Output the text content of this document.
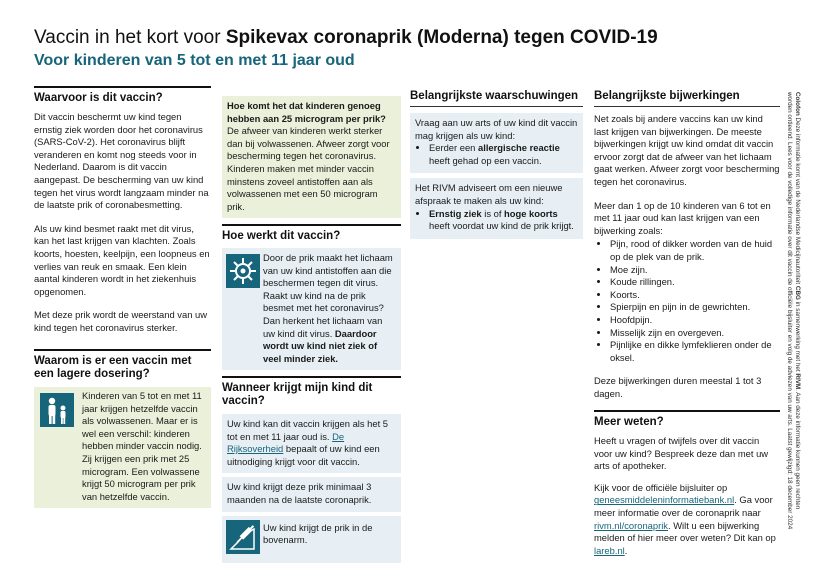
Vaccin in het kort voor Spikevax coronaprik (Moderna) tegen COVID-19
Voor kinderen van 5 tot en met 11 jaar oud
Waarvoor is dit vaccin?

Dit vaccin beschermt uw kind tegen ernstig ziek worden door het coronavirus (SARS-CoV-2). Het coronavirus blijft veranderen en komt nog steeds voor in Nederland. Daarom is dit vaccin aangepast. De bescherming van uw kind tegen het virus wordt langzaam minder na de laatste prik of coronabesmetting.

Als uw kind besmet raakt met dit virus, kan het last krijgen van klachten. Zoals koorts, hoesten, keelpijn, een loopneus en verlies van reuk en smaak. Een klein aantal kinderen wordt in het ziekenhuis opgenomen.

Met deze prik wordt de weerstand van uw kind tegen het coronavirus sterker.

Waarom is er een vaccin met een lagere dosering?
Kinderen van 5 tot en met 11 jaar krijgen hetzelfde vaccin als volwassenen. Maar er is wel een verschil: kinderen hebben minder vaccin nodig. Zij krijgen een prik met 25 microgram. Een volwassene krijgt 50 microgram per prik van hetzelfde vaccin.
Hoe komt het dat kinderen genoeg hebben aan 25 microgram per prik? De afweer van kinderen werkt sterker dan bij volwassenen. Afweer zorgt voor bescherming tegen het coronavirus. Kinderen maken met minder vaccin minstens zoveel antistoffen aan als volwassenen met een 50 microgram prik.
Hoe werkt dit vaccin?
Door de prik maakt het lichaam van uw kind antistoffen aan die beschermen tegen dit virus. Raakt uw kind na de prik besmet met het coronavirus? Dan herkent het lichaam van uw kind dit virus. Daardoor wordt uw kind niet ziek of veel minder ziek.
Wanneer krijgt mijn kind dit vaccin?
Uw kind kan dit vaccin krijgen als het 5 tot en met 11 jaar oud is. De Rijksoverheid bepaalt of uw kind een uitnodiging krijgt voor dit vaccin.
Uw kind krijgt deze prik minimaal 3 maanden na de laatste coronaprik.
Uw kind krijgt de prik in de bovenarm.
Belangrijkste waarschuwingen
Vraag aan uw arts of uw kind dit vaccin mag krijgen als uw kind:
• Eerder een allergische reactie heeft gehad op een vaccin.
Het RIVM adviseert om een nieuwe afspraak te maken als uw kind:
• Ernstig ziek is of hoge koorts heeft voordat uw kind de prik krijgt.
Belangrijkste bijwerkingen

Net zoals bij andere vaccins kan uw kind last krijgen van bijwerkingen. De meeste bijwerkingen krijgt uw kind omdat dit vaccin ervoor zorgt dat de afweer van het lichaam gaat werken. Afweer zorgt voor bescherming tegen het coronavirus.

Meer dan 1 op de 10 kinderen van 6 tot en met 11 jaar oud kan last krijgen van een bijwerking zoals:

• Pijn, rood of dikker worden van de huid op de plek van de prik.
• Moe zijn.
• Koude rillingen.
• Koorts.
• Spierpijn en pijn in de gewrichten.
• Hoofdpijn.
• Misselijk zijn en overgeven.
• Pijnlijke en dikke lymfeklieren onder de oksel.

Deze bijwerkingen duren meestal 1 tot 3 dagen.

Meer weten?

Heeft u vragen of twijfels over dit vaccin voor uw kind? Bespreek deze dan met uw arts of apotheker.

Kijk voor de officiële bijsluiter op geneesmiddeleninformatiebank.nl. Ga voor meer informatie over de coronaprik naar rivm.nl/coronaprik. Wilt u een bijwerking melden of hier meer over weten? Dit kan op lareb.nl.

Colofon Deze informatie komt van de Nederlandse Medicijnautoriteit CBG in samenwerking met het RIVM. Aan deze informatie kunnen geen rechten
worden ontleend. Lees voor de volledige informatie over dit vaccin de officiële bijsluiter en volg de adviezen van uw arts. Laatst gewijzigd: 18 december 2024
